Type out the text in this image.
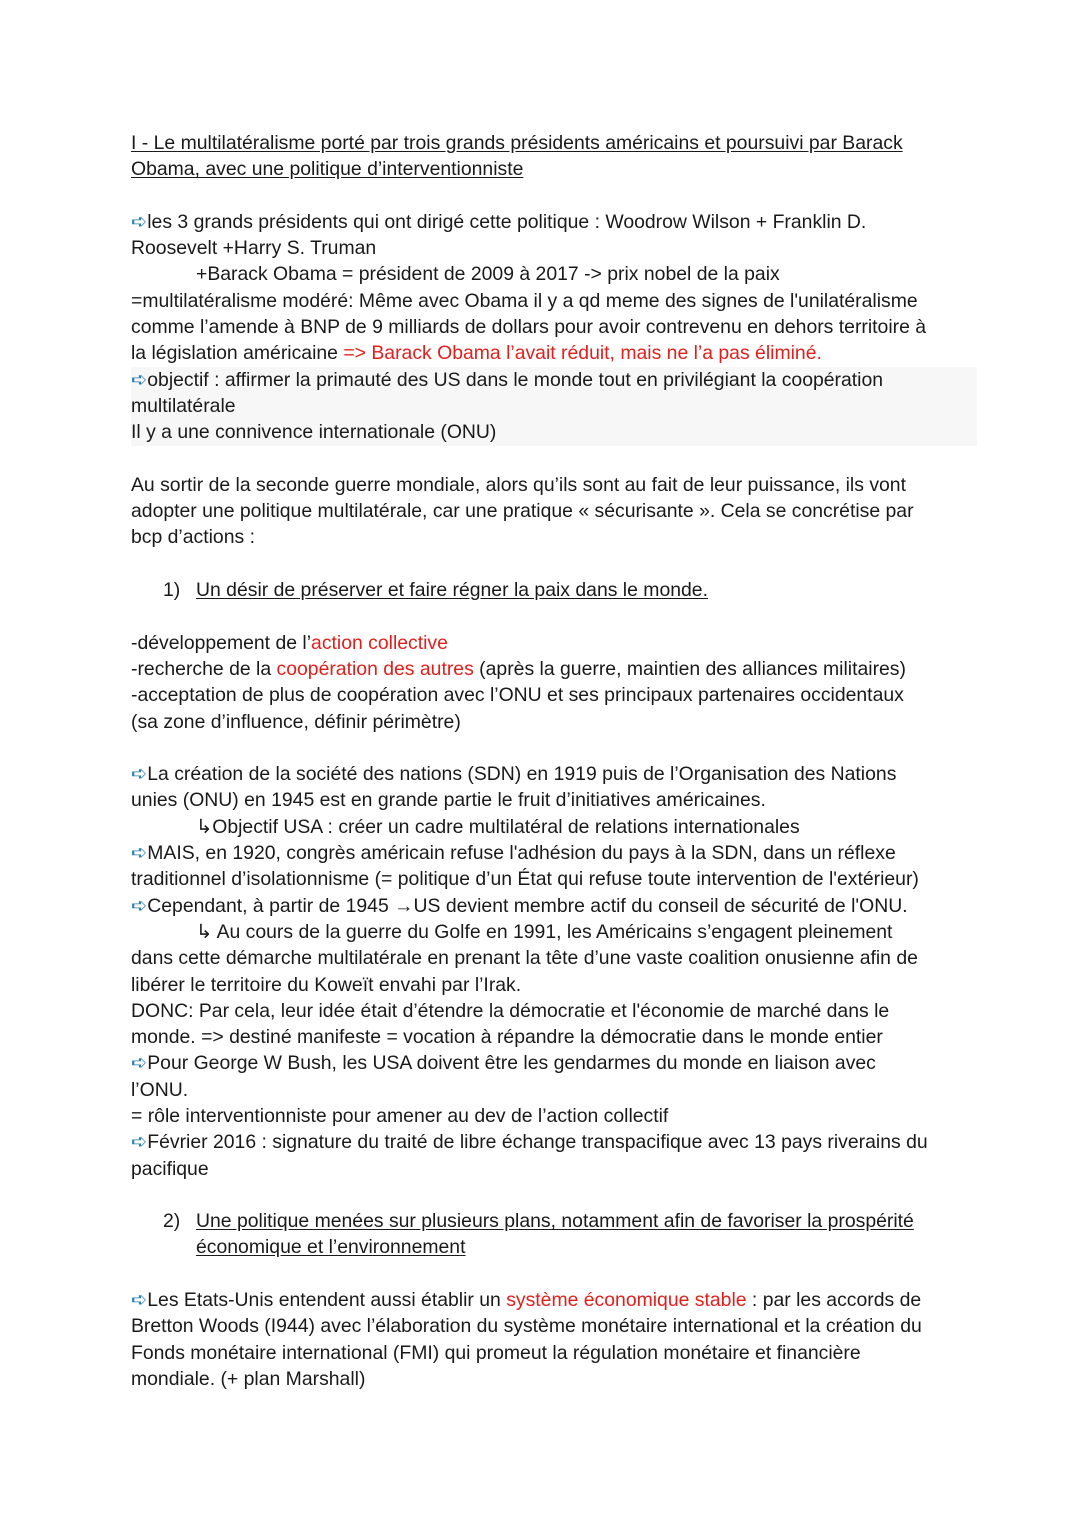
I - Le multilatéralisme porté par trois grands présidents américains et poursuivi par Barack
Obama, avec une politique d’interventionniste

➪les 3 grands présidents qui ont dirigé cette politique : Woodrow Wilson + Franklin D.

Roosevelt +Harry S. Truman

+Barack Obama = président de 2009 à 2017 -> prix nobel de la paix

=multilatéralisme modéré: Même avec Obama il y a qd meme des signes de l'unilatéralisme

comme l’amende à BNP de 9 milliards de dollars pour avoir contrevenu en dehors territoire à

la législation américaine => Barack Obama l’avait réduit, mais ne l’a pas éliminé.

➪objectif : affirmer la primauté des US dans le monde tout en privilégiant la coopération

multilatérale

Il y a une connivence internationale (ONU)

Au sortir de la seconde guerre mondiale, alors qu’ils sont au fait de leur puissance, ils vont

adopter une politique multilatérale, car une pratique « sécurisante ». Cela se concrétise par

bcp d’actions :

1) Un désir de préserver et faire régner la paix dans le monde.

-développement de l’action collective

-recherche de la coopération des autres (après la guerre, maintien des alliances militaires)

-acceptation de plus de coopération avec l’ONU et ses principaux partenaires occidentaux

(sa zone d’influence, définir périmètre)

➪La création de la société des nations (SDN) en 1919 puis de l’Organisation des Nations

unies (ONU) en 1945 est en grande partie le fruit d’initiatives américaines.

↳Objectif USA : créer un cadre multilatéral de relations internationales

➪MAIS, en 1920, congrès américain refuse l'adhésion du pays à la SDN, dans un réflexe

traditionnel d’isolationnisme (= politique d’un État qui refuse toute intervention de l'extérieur)

➪Cependant, à partir de 1945 →US devient membre actif du conseil de sécurité de l'ONU.

↳ Au cours de la guerre du Golfe en 1991, les Américains s’engagent pleinement

dans cette démarche multilatérale en prenant la tête d’une vaste coalition onusienne afin de

libérer le territoire du Koweït envahi par l’Irak.

DONC: Par cela, leur idée était d’étendre la démocratie et l'économie de marché dans le

monde. => destiné manifeste = vocation à répandre la démocratie dans le monde entier

➪Pour George W Bush, les USA doivent être les gendarmes du monde en liaison avec

l’ONU.

= rôle interventionniste pour amener au dev de l’action collectif

➪Février 2016 : signature du traité de libre échange transpacifique avec 13 pays riverains du

pacifique

2) Une politique menées sur plusieurs plans, notamment afin de favoriser la prospérité économique et l’environnement

➪Les Etats-Unis entendent aussi établir un système économique stable : par les accords de

Bretton Woods (I944) avec l’élaboration du système monétaire international et la création du

Fonds monétaire international (FMI) qui promeut la régulation monétaire et financière

mondiale. (+ plan Marshall)
